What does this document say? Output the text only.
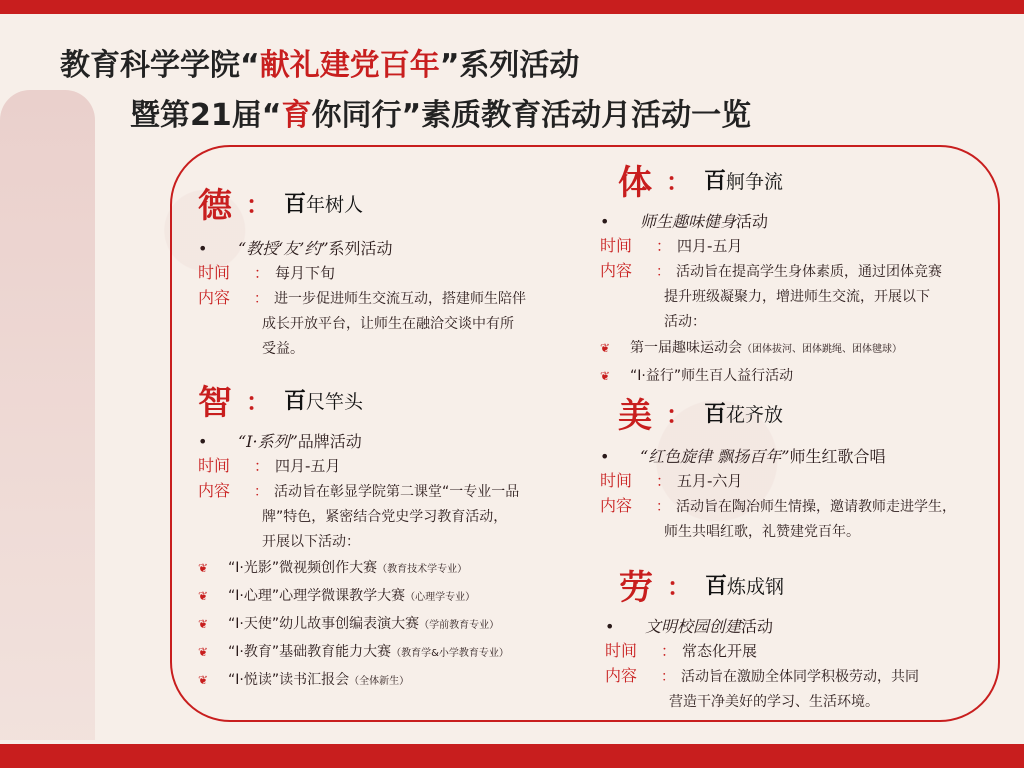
教育科学学院“献礼建党百年”系列活动
暨第21届“育你同行”素质教育活动月活动一览
德 ： 百年树人
• “教授‘友’约”系列活动
时间 ： 每月下旬
内容 ： 进一步促进师生交流互动，搭建师生陪伴
成长开放平台，让师生在融洽交谈中有所
受益。
智 ： 百尺竿头
• “I·系列”品牌活动
时间 ： 四月-五月
内容 ： 活动旨在彰显学院第二课堂“一专业一品
牌”特色，紧密结合党史学习教育活动，
开展以下活动：
❦ “I·光影”微视频创作大赛（教育技术学专业）
❦ “I·心理”心理学微课教学大赛（心理学专业）
❦ “I·天使”幼儿故事创编表演大赛（学前教育专业）
❦ “I·教育”基础教育能力大赛（教育学&小学教育专业）
❦ “I·悦读”读书汇报会（全体新生）
体 ： 百舸争流
• 师生趣味健身活动
时间 ： 四月-五月
内容 ： 活动旨在提高学生身体素质，通过团体竞赛
提升班级凝聚力，增进师生交流，开展以下
活动：
❦ 第一届趣味运动会（团体拔河、团体跳绳、团体毽球）
❦ “I·益行”师生百人益行活动
美 ： 百花齐放
• “红色旋律 飘扬百年”师生红歌合唱
时间 ： 五月-六月
内容 ： 活动旨在陶冶师生情操，邀请教师走进学生，
师生共唱红歌，礼赞建党百年。
劳 ： 百炼成钢
• 文明校园创建活动
时间 ： 常态化开展
内容 ： 活动旨在激励全体同学积极劳动，共同
营造干净美好的学习、生活环境。
